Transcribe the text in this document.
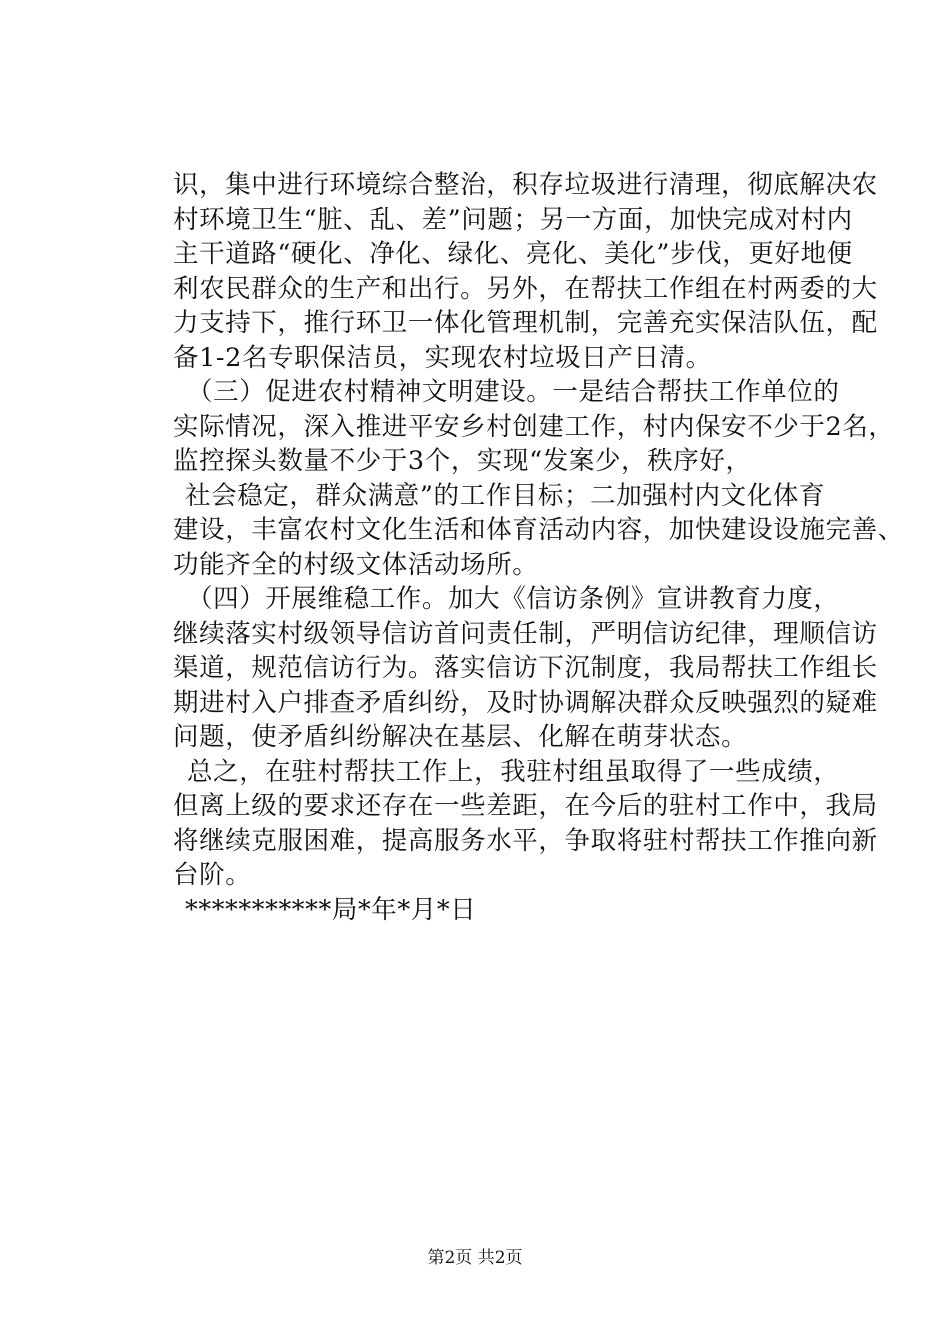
识，集中进行环境综合整治，积存垃圾进行清理，彻底解决农
村环境卫生“脏、乱、差”问题；另一方面，加快完成对村内
主干道路“硬化、净化、绿化、亮化、美化”步伐，更好地便
利农民群众的生产和出行。另外，在帮扶工作组在村两委的大
力支持下，推行环卫一体化管理机制，完善充实保洁队伍，配
备1-2名专职保洁员，实现农村垃圾日产日清。
（三）促进农村精神文明建设。一是结合帮扶工作单位的
实际情况，深入推进平安乡村创建工作，村内保安不少于2名，
监控探头数量不少于3个，实现“发案少，秩序好，
社会稳定，群众满意”的工作目标；二加强村内文化体育
建设，丰富农村文化生活和体育活动内容，加快建设设施完善、
功能齐全的村级文体活动场所。
（四）开展维稳工作。加大《信访条例》宣讲教育力度，
继续落实村级领导信访首问责任制，严明信访纪律，理顺信访
渠道，规范信访行为。落实信访下沉制度，我局帮扶工作组长
期进村入户排查矛盾纠纷，及时协调解决群众反映强烈的疑难
问题，使矛盾纠纷解决在基层、化解在萌芽状态。
总之，在驻村帮扶工作上，我驻村组虽取得了一些成绩，
但离上级的要求还存在一些差距，在今后的驻村工作中，我局
将继续克服困难，提高服务水平，争取将驻村帮扶工作推向新
台阶。
***********局*年*月*日
第2页 共2页
